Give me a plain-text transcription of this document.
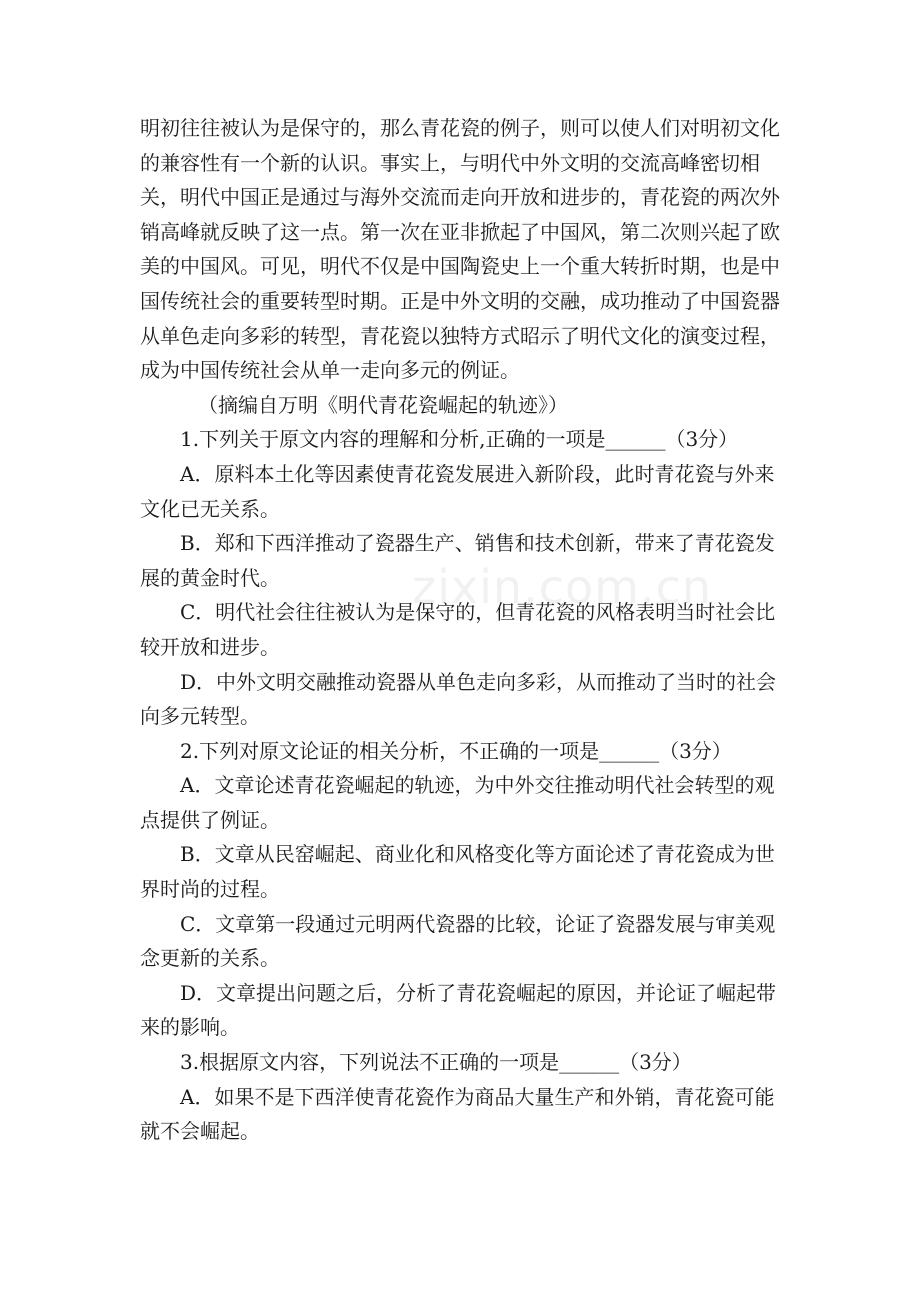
明初往往被认为是保守的，那么青花瓷的例子，则可以使人们对明初文化的兼容性有一个新的认识。事实上，与明代中外文明的交流高峰密切相关，明代中国正是通过与海外交流而走向开放和进步的，青花瓷的两次外销高峰就反映了这一点。第一次在亚非掀起了中国风，第二次则兴起了欧美的中国风。可见，明代不仅是中国陶瓷史上一个重大转折时期，也是中国传统社会的重要转型时期。正是中外文明的交融，成功推动了中国瓷器从单色走向多彩的转型，青花瓷以独特方式昭示了明代文化的演变过程，成为中国传统社会从单一走向多元的例证。

（摘编自万明《明代青花瓷崛起的轨迹》）

1.下列关于原文内容的理解和分析,正确的一项是______（3分）

A．原料本土化等因素使青花瓷发展进入新阶段，此时青花瓷与外来文化已无关系。

B．郑和下西洋推动了瓷器生产、销售和技术创新，带来了青花瓷发展的黄金时代。

C．明代社会往往被认为是保守的，但青花瓷的风格表明当时社会比较开放和进步。

D．中外文明交融推动瓷器从单色走向多彩，从而推动了当时的社会向多元转型。

2.下列对原文论证的相关分析，不正确的一项是______（3分）

A．文章论述青花瓷崛起的轨迹，为中外交往推动明代社会转型的观点提供了例证。

B．文章从民窑崛起、商业化和风格变化等方面论述了青花瓷成为世界时尚的过程。

C．文章第一段通过元明两代瓷器的比较，论证了瓷器发展与审美观念更新的关系。

D．文章提出问题之后，分析了青花瓷崛起的原因，并论证了崛起带来的影响。

3.根据原文内容，下列说法不正确的一项是______（3分）

A．如果不是下西洋使青花瓷作为商品大量生产和外销，青花瓷可能就不会崛起。

zixin.com.cn
